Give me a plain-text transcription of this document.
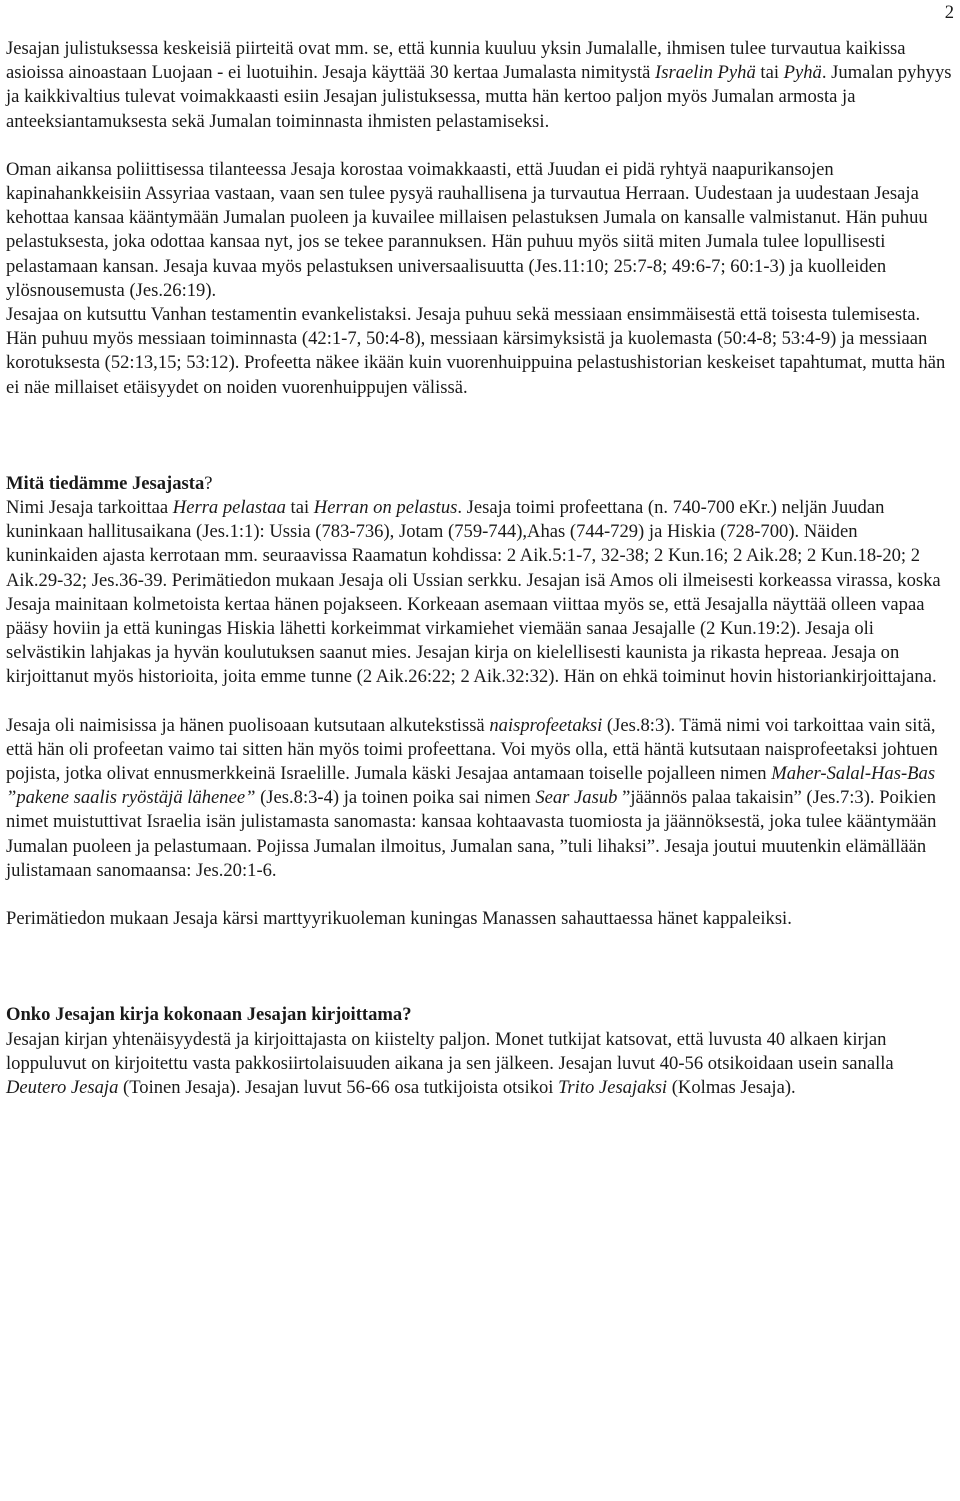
2

Jesajan julistuksessa keskeisiä piirteitä ovat mm. se, että kunnia kuuluu yksin Jumalalle, ihmisen tulee turvautua kaikissa asioissa ainoastaan Luojaan - ei luotuihin. Jesaja käyttää 30 kertaa Jumalasta nimitystä Israelin Pyhä tai Pyhä. Jumalan pyhyys ja kaikkivaltius tulevat voimakkaasti esiin Jesajan julistuksessa, mutta hän kertoo paljon myös Jumalan armosta ja anteeksiantamuksesta sekä Jumalan toiminnasta ihmisten pelastamiseksi.

Oman aikansa poliittisessa tilanteessa Jesaja korostaa voimakkaasti, että Juudan ei pidä ryhtyä naapurikansojen kapinahankkeisiin Assyriaa vastaan, vaan sen tulee pysyä rauhallisena ja turvautua Herraan. Uudestaan ja uudestaan Jesaja kehottaa kansaa kääntymään Jumalan puoleen ja kuvailee millaisen pelastuksen Jumala on kansalle valmistanut. Hän puhuu pelastuksesta, joka odottaa kansaa nyt, jos se tekee parannuksen. Hän puhuu myös siitä miten Jumala tulee lopullisesti pelastamaan kansan. Jesaja kuvaa myös pelastuksen universaalisuutta (Jes.11:10; 25:7-8; 49:6-7; 60:1-3) ja kuolleiden ylösnousemusta (Jes.26:19).

Jesajaa on kutsuttu Vanhan testamentin evankelistaksi. Jesaja puhuu sekä messiaan ensimmäisestä että toisesta tulemisesta. Hän puhuu myös messiaan toiminnasta (42:1-7, 50:4-8), messiaan kärsimyksistä ja kuolemasta (50:4-8; 53:4-9) ja messiaan korotuksesta (52:13,15; 53:12). Profeetta näkee ikään kuin vuorenhuippuina pelastushistorian keskeiset tapahtumat, mutta hän ei näe millaiset etäisyydet on noiden vuorenhuippujen välissä.

Mitä tiedämme Jesajasta?

Nimi Jesaja tarkoittaa Herra pelastaa tai Herran on pelastus. Jesaja toimi profeettana (n. 740-700 eKr.) neljän Juudan kuninkaan hallitusaikana (Jes.1:1): Ussia (783-736), Jotam (759-744),Ahas (744-729) ja Hiskia (728-700). Näiden kuninkaiden ajasta kerrotaan mm. seuraavissa Raamatun kohdissa: 2 Aik.5:1-7, 32-38; 2 Kun.16; 2 Aik.28; 2 Kun.18-20; 2 Aik.29-32; Jes.36-39. Perimätiedon mukaan Jesaja oli Ussian serkku. Jesajan isä Amos oli ilmeisesti korkeassa virassa, koska Jesaja mainitaan kolmetoista kertaa hänen pojakseen. Korkeaan asemaan viittaa myös se, että Jesajalla näyttää olleen vapaa pääsy hoviin ja että kuningas Hiskia lähetti korkeimmat virkamiehet viemään sanaa Jesajalle (2 Kun.19:2). Jesaja oli selvästikin lahjakas ja hyvän koulutuksen saanut mies. Jesajan kirja on kielellisesti kaunista ja rikasta hepreaa. Jesaja on kirjoittanut myös historioita, joita emme tunne (2 Aik.26:22; 2 Aik.32:32). Hän on ehkä toiminut hovin historiankirjoittajana.

Jesaja oli naimisissa ja hänen puolisoaan kutsutaan alkutekstissä naisprofeetaksi (Jes.8:3). Tämä nimi voi tarkoittaa vain sitä, että hän oli profeetan vaimo tai sitten hän myös toimi profeettana. Voi myös olla, että häntä kutsutaan naisprofeetaksi johtuen pojista, jotka olivat ennusmerkkeinä Israelille. Jumala käski Jesajaa antamaan toiselle pojalleen nimen Maher-Salal-Has-Bas ”pakene saalis ryöstäjä lähenee” (Jes.8:3-4) ja toinen poika sai nimen Sear Jasub ”jäännös palaa takaisin” (Jes.7:3). Poikien nimet muistuttivat Israelia isän julistamasta sanomasta: kansaa kohtaavasta tuomiosta ja jäännöksestä, joka tulee kääntymään Jumalan puoleen ja pelastumaan. Pojissa Jumalan ilmoitus, Jumalan sana, ”tuli lihaksi”. Jesaja joutui muutenkin elämällään julistamaan sanomaansa: Jes.20:1-6.

Perimätiedon mukaan Jesaja kärsi marttyyrikuoleman kuningas Manassen sahauttaessa hänet kappaleiksi.

Onko Jesajan kirja kokonaan Jesajan kirjoittama?

Jesajan kirjan yhtenäisyydestä ja kirjoittajasta on kiistelty paljon. Monet tutkijat katsovat, että luvusta 40 alkaen kirjan loppuluvut on kirjoitettu vasta pakkosiirtolaisuuden aikana ja sen jälkeen. Jesajan luvut 40-56 otsikoidaan usein sanalla Deutero Jesaja (Toinen Jesaja). Jesajan luvut 56-66 osa tutkijoista otsikoi Trito Jesajaksi (Kolmas Jesaja).
